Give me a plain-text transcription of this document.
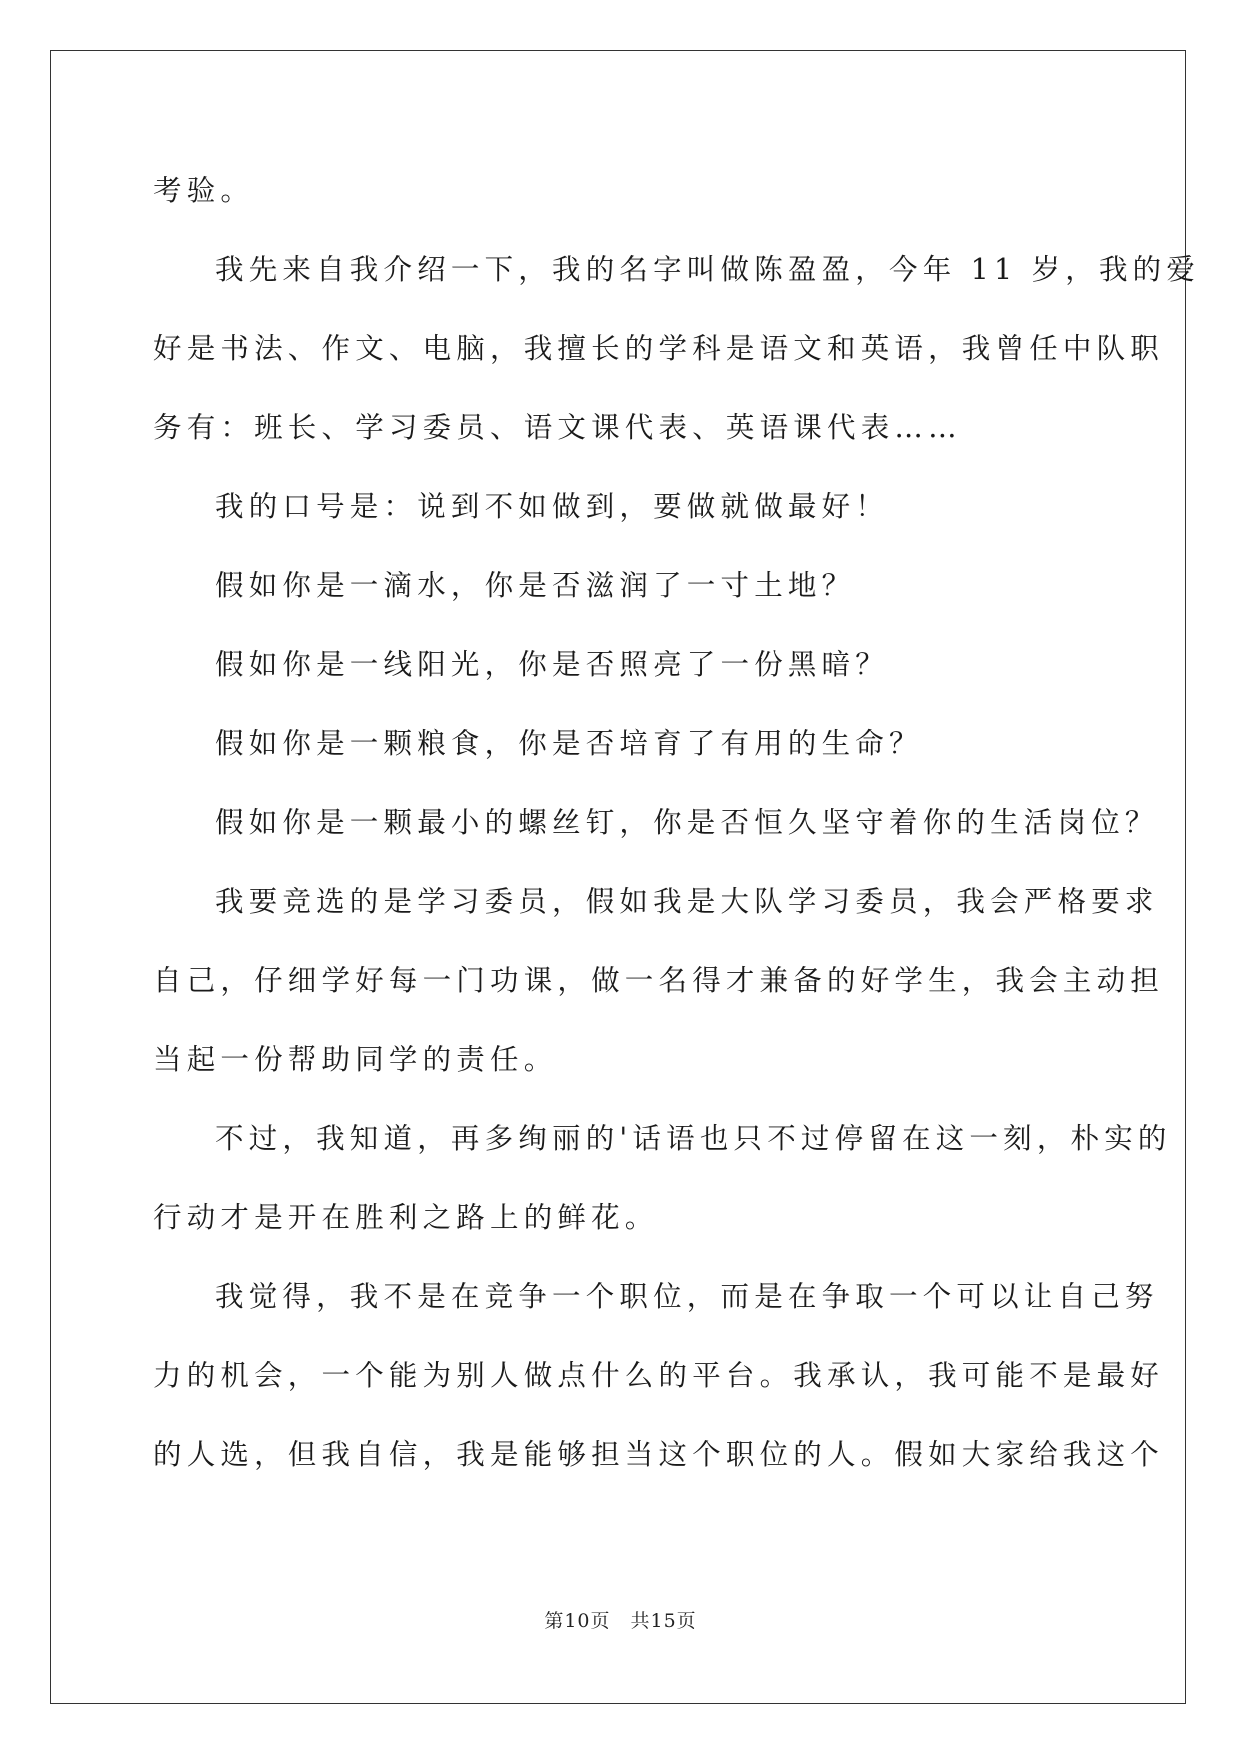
考验。
我先来自我介绍一下，我的名字叫做陈盈盈，今年 11 岁，我的爱
好是书法、作文、电脑，我擅长的学科是语文和英语，我曾任中队职
务有：班长、学习委员、语文课代表、英语课代表……
我的口号是：说到不如做到，要做就做最好！
假如你是一滴水，你是否滋润了一寸土地？
假如你是一线阳光，你是否照亮了一份黑暗？
假如你是一颗粮食，你是否培育了有用的生命？
假如你是一颗最小的螺丝钉，你是否恒久坚守着你的生活岗位？
我要竞选的是学习委员，假如我是大队学习委员，我会严格要求
自己，仔细学好每一门功课，做一名得才兼备的好学生，我会主动担
当起一份帮助同学的责任。
不过，我知道，再多绚丽的'话语也只不过停留在这一刻，朴实的
行动才是开在胜利之路上的鲜花。
我觉得，我不是在竞争一个职位，而是在争取一个可以让自己努
力的机会，一个能为别人做点什么的平台。我承认，我可能不是最好
的人选，但我自信，我是能够担当这个职位的人。假如大家给我这个
第10页　共15页
